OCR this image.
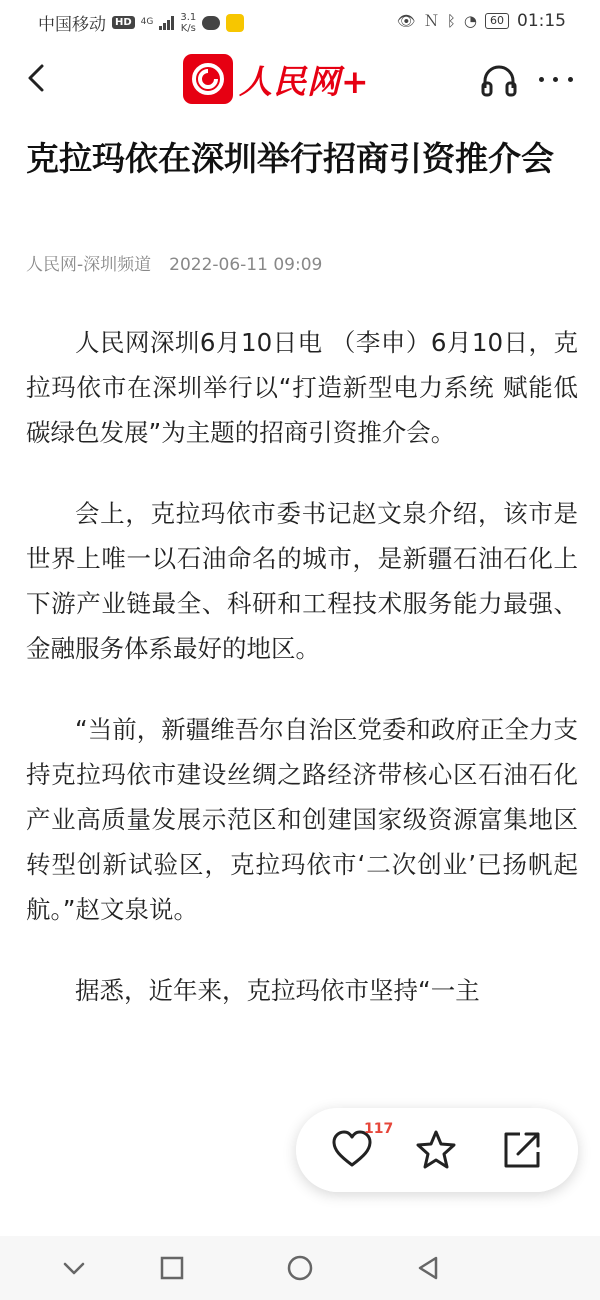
中国移动 HD	4G	3.1
K/s	👁 Ｎ ᛒ ◔	60 01:15
人民网+
克拉玛依在深圳举行招商引资推介会
人民网-深圳频道 2022-06-11 09:09

人民网深圳6月10日电 （李申）6月10日，克拉玛依市在深圳举行以“打造新型电力系统 赋能低碳绿色发展”为主题的招商引资推介会。

会上，克拉玛依市委书记赵文泉介绍，该市是世界上唯一以石油命名的城市，是新疆石油石化上下游产业链最全、科研和工程技术服务能力最强、金融服务体系最好的地区。

“当前，新疆维吾尔自治区党委和政府正全力支持克拉玛依市建设丝绸之路经济带核心区石油石化产业高质量发展示范区和创建国家级资源富集地区转型创新试验区，克拉玛依市‘二次创业’已扬帆起航。”赵文泉说。

据悉，近年来，克拉玛依市坚持“一主

117
